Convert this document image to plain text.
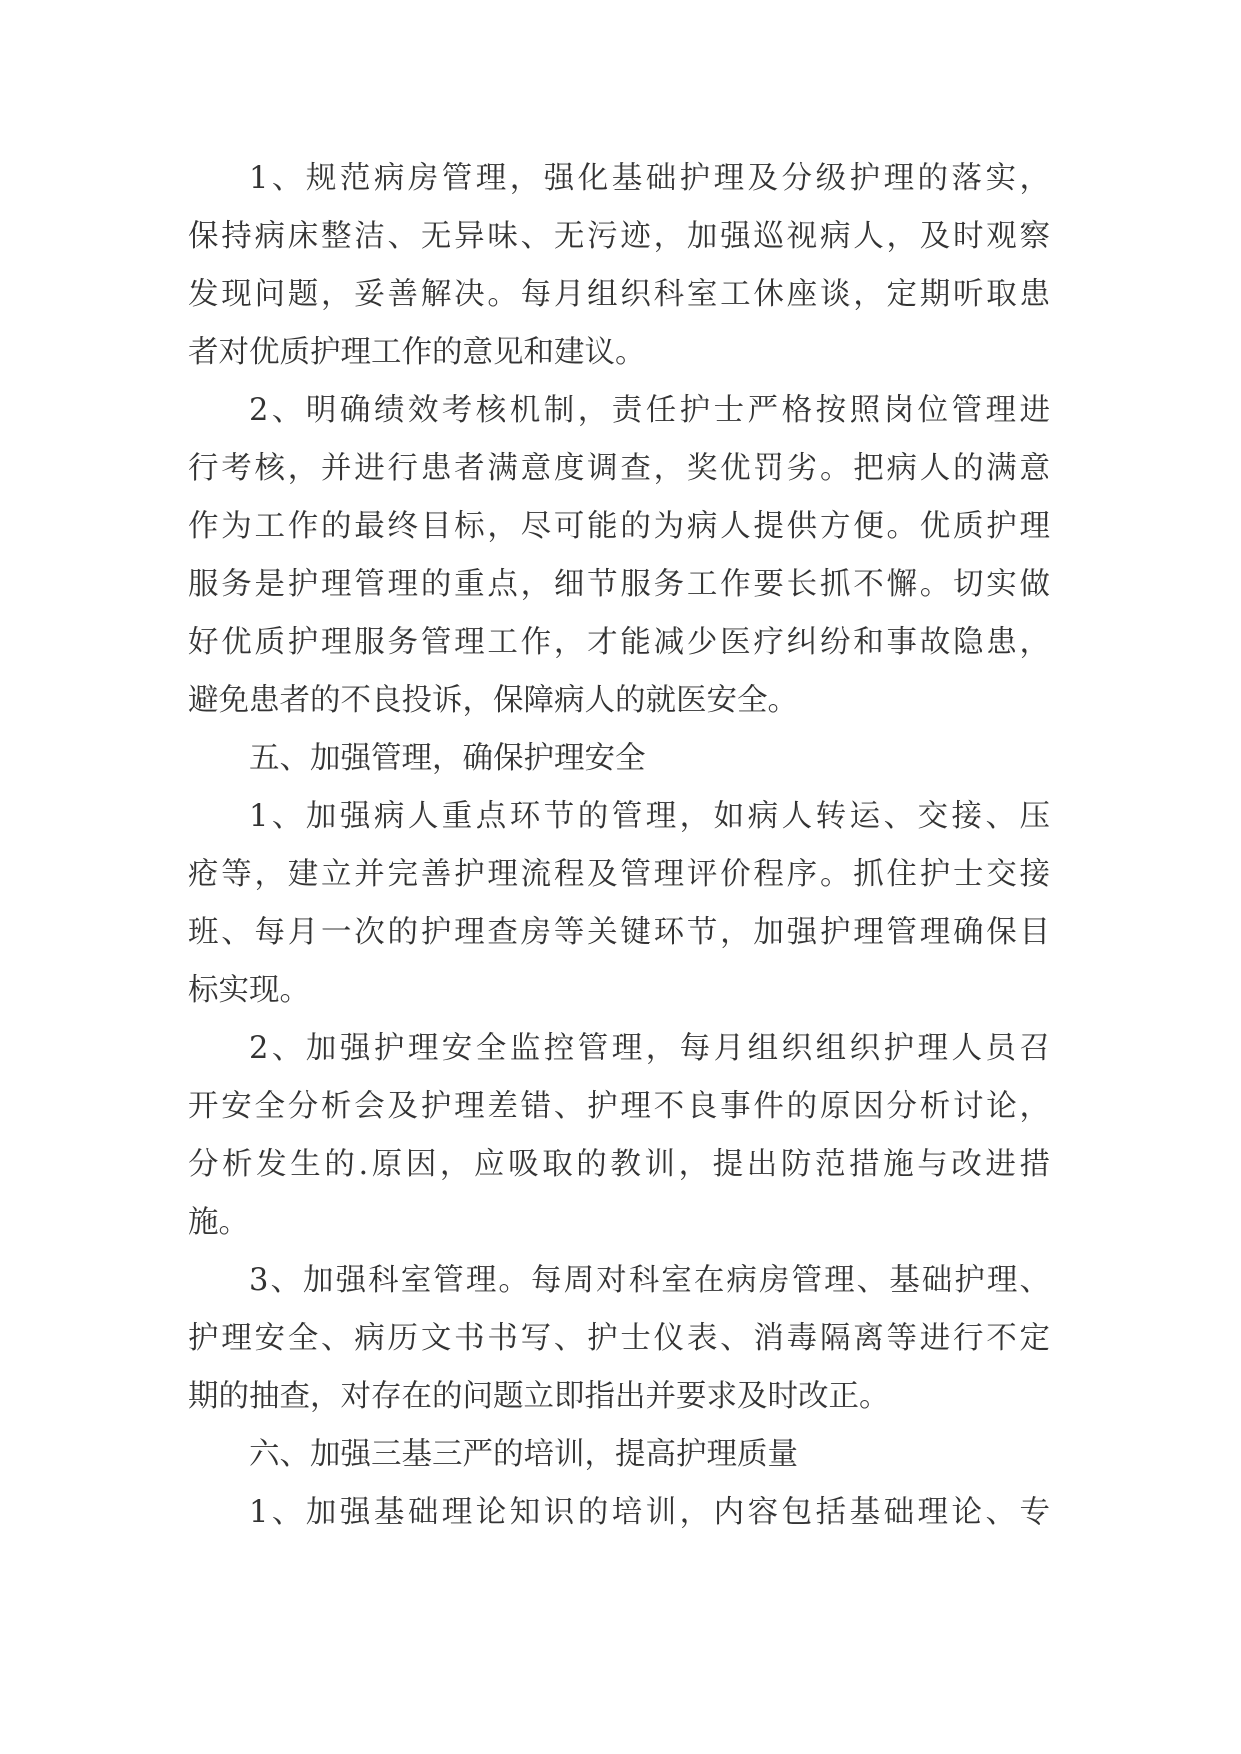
1、规范病房管理，强化基础护理及分级护理的落实，
保持病床整洁、无异味、无污迹，加强巡视病人，及时观察
发现问题，妥善解决。每月组织科室工休座谈，定期听取患
者对优质护理工作的意见和建议。
2、明确绩效考核机制，责任护士严格按照岗位管理进
行考核，并进行患者满意度调查，奖优罚劣。把病人的满意
作为工作的最终目标，尽可能的为病人提供方便。优质护理
服务是护理管理的重点，细节服务工作要长抓不懈。切实做
好优质护理服务管理工作，才能减少医疗纠纷和事故隐患，
避免患者的不良投诉，保障病人的就医安全。
五、加强管理，确保护理安全
1、加强病人重点环节的管理，如病人转运、交接、压
疮等，建立并完善护理流程及管理评价程序。抓住护士交接
班、每月一次的护理查房等关键环节，加强护理管理确保目
标实现。
2、加强护理安全监控管理，每月组织组织护理人员召
开安全分析会及护理差错、护理不良事件的原因分析讨论，
分析发生的.原因，应吸取的教训，提出防范措施与改进措
施。
3、加强科室管理。每周对科室在病房管理、基础护理、
护理安全、病历文书书写、护士仪表、消毒隔离等进行不定
期的抽查，对存在的问题立即指出并要求及时改正。
六、加强三基三严的培训，提高护理质量
1、加强基础理论知识的培训，内容包括基础理论、专
